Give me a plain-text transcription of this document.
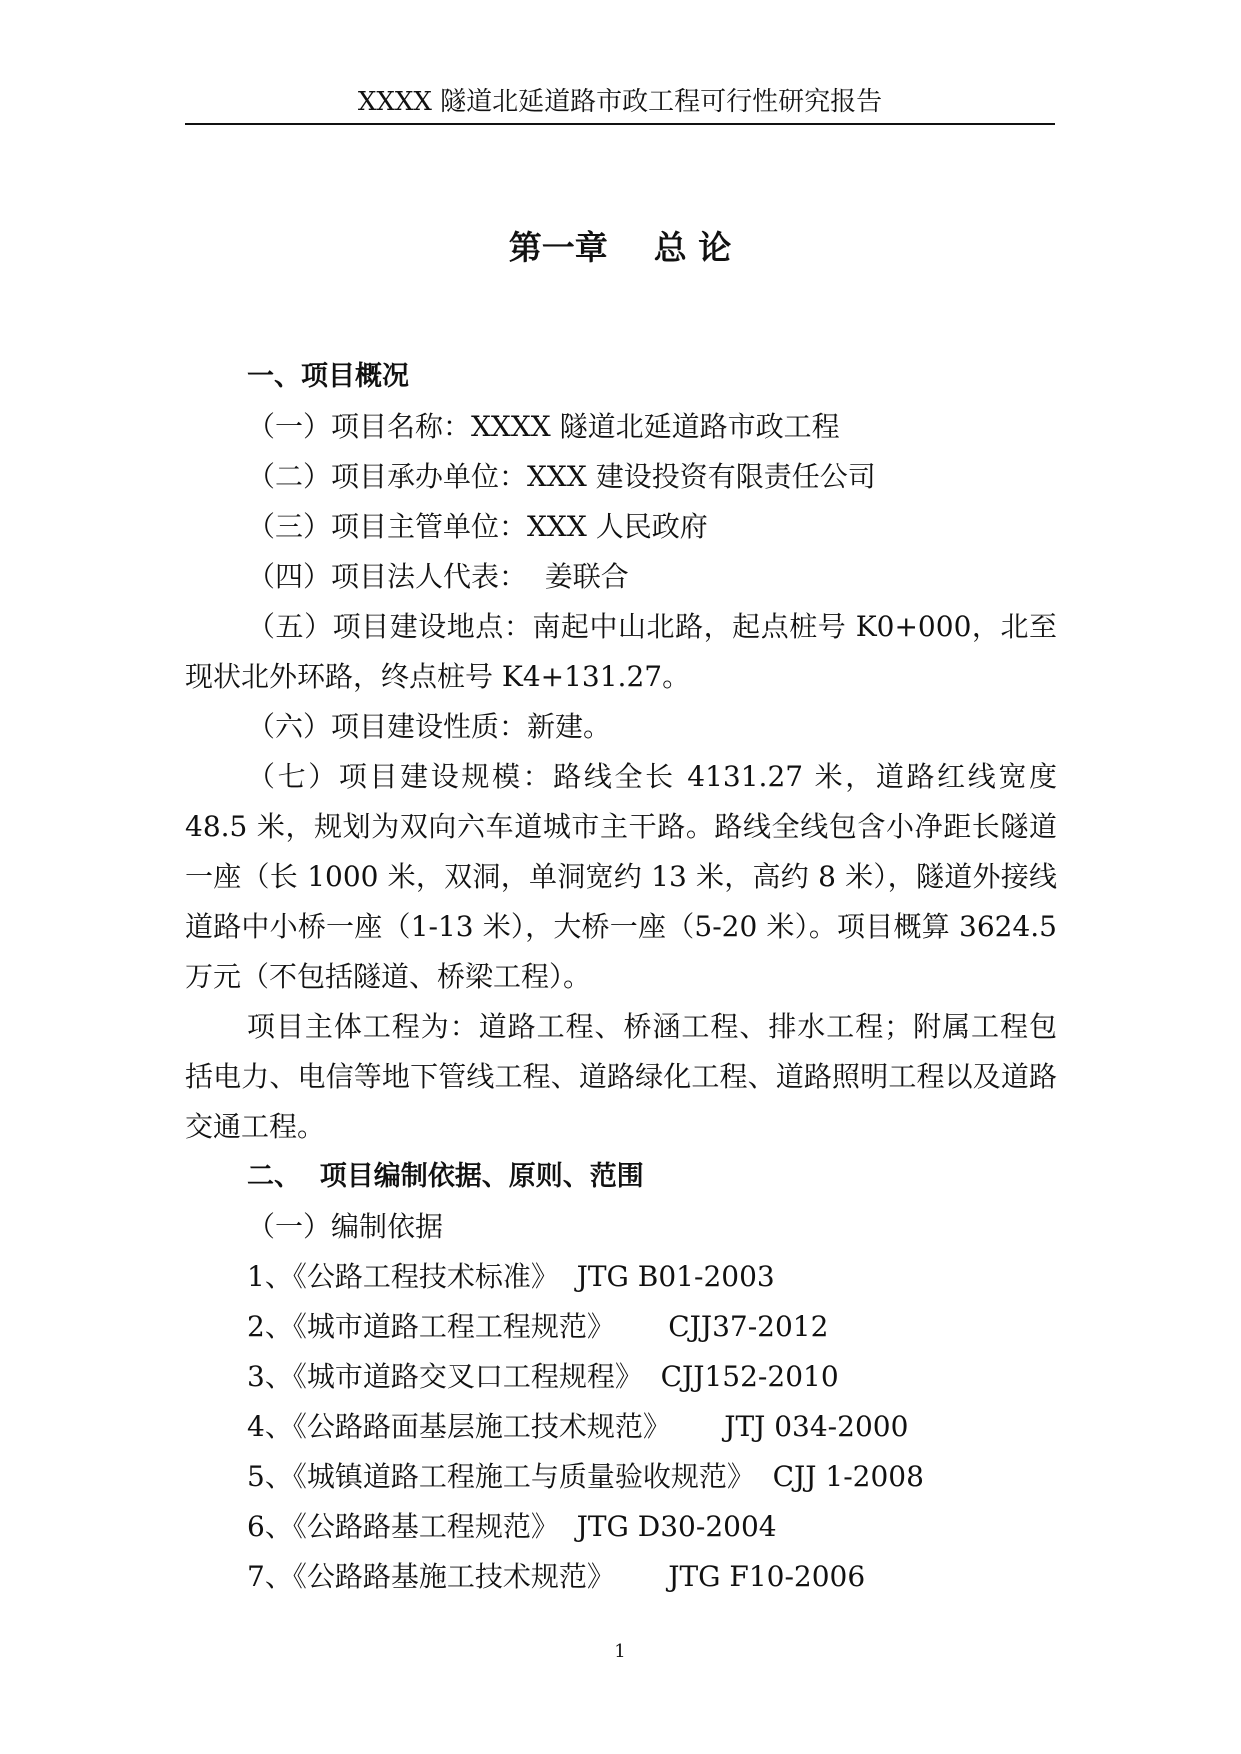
XXXX 隧道北延道路市政工程可行性研究报告
第一章    总 论

一、项目概况

（一）项目名称：XXXX 隧道北延道路市政工程

（二）项目承办单位：XXX 建设投资有限责任公司

（三）项目主管单位：XXX 人民政府

（四）项目法人代表：  姜联合

（五）项目建设地点：南起中山北路，起点桩号 K0+000，北至现状北外环路，终点桩号 K4+131.27。

（六）项目建设性质：新建。

（七）项目建设规模：路线全长 4131.27 米，道路红线宽度 48.5 米，规划为双向六车道城市主干路。路线全线包含小净距长隧道一座（长 1000 米，双洞，单洞宽约 13 米，高约 8 米），隧道外接线道路中小桥一座（1-13 米），大桥一座（5-20 米）。项目概算 3624.5 万元（不包括隧道、桥梁工程）。

项目主体工程为：道路工程、桥涵工程、排水工程；附属工程包括电力、电信等地下管线工程、道路绿化工程、道路照明工程以及道路交通工程。

二、  项目编制依据、原则、范围

（一）编制依据

1、《公路工程技术标准》  JTG B01-2003

2、《城市道路工程工程规范》      CJJ37-2012

3、《城市道路交叉口工程规程》  CJJ152-2010

4、《公路路面基层施工技术规范》      JTJ 034-2000

5、《城镇道路工程施工与质量验收规范》  CJJ 1-2008

6、《公路路基工程规范》  JTG D30-2004

7、《公路路基施工技术规范》      JTG F10-2006

1
